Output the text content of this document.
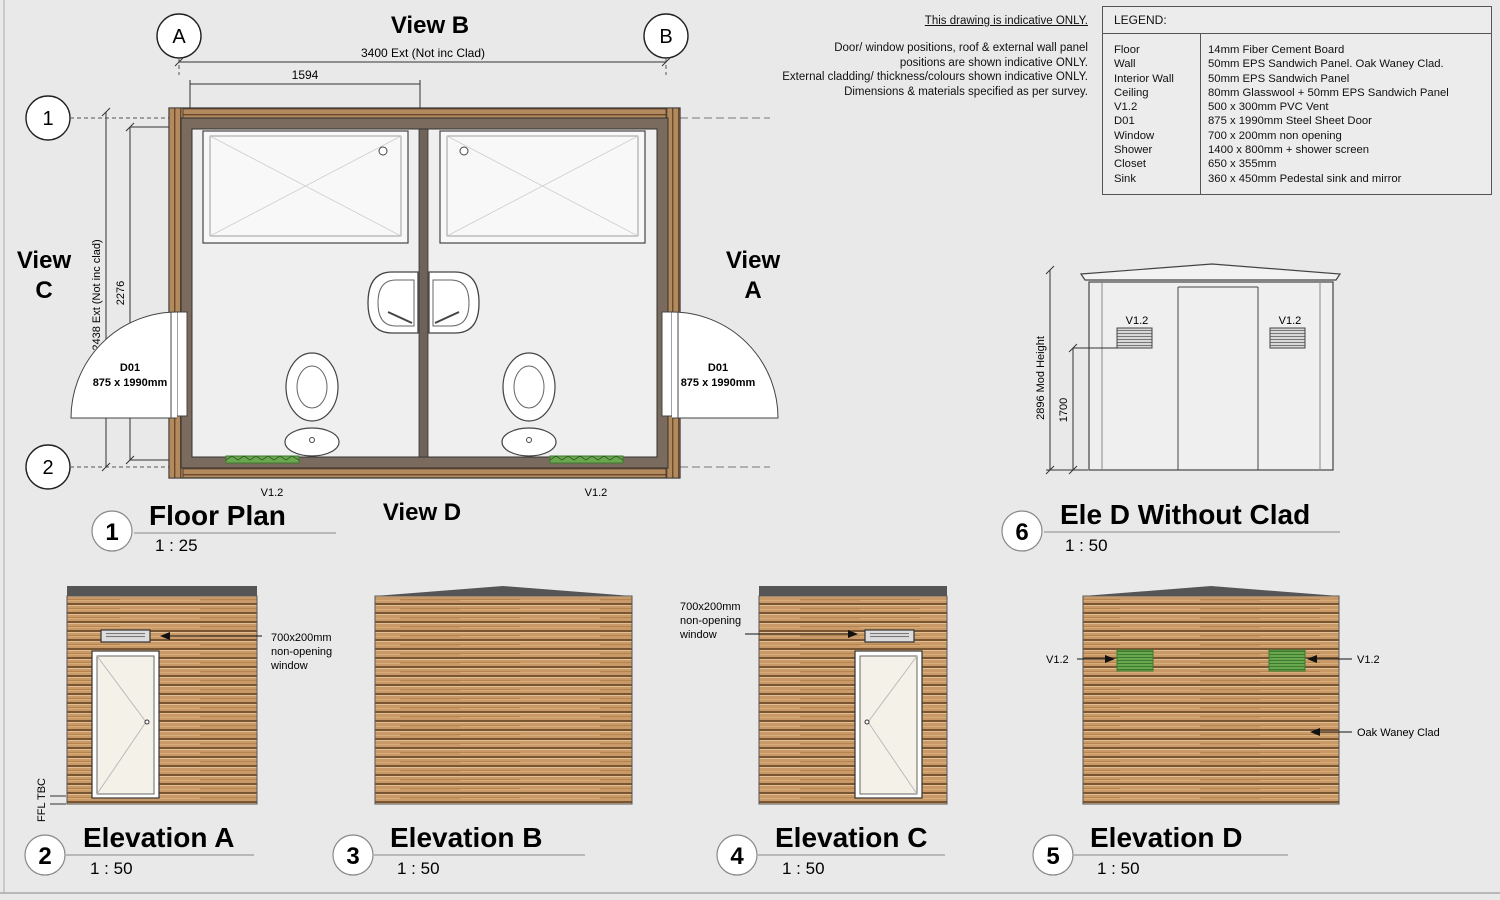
This drawing is indicative ONLY.
Door/ window positions, roof & external wall panel
positions are shown indicative ONLY.
External cladding/ thickness/colours shown indicative ONLY.
Dimensions & materials specified as per survey.
LEGEND:
Floor	14mm Fiber Cement Board
Wall	50mm EPS Sandwich Panel. Oak Waney Clad.
Interior Wall	50mm EPS Sandwich Panel
Ceiling	80mm Glasswool + 50mm EPS Sandwich Panel
V1.2	500 x 300mm PVC Vent
D01	875 x 1990mm Steel Sheet Door
Window	700 x 200mm non opening
Shower	1400 x 800mm + shower screen
Closet	650 x 355mm
Sink	360 x 450mm Pedestal sink and mirror
A	B
1
2
View B
View
C
View
A
View D
3400 Ext (Not inc Clad)
1594
2438 Ext (Not inc clad) 2276
D01
875 x 1990mm
D01
875 x 1990mm
V1.2	V1.2
1
Floor Plan
1 : 25
V1.2	V1.2
2896 Mod Height 1700
6
Ele D Without Clad
1 : 50
700x200mm
non-opening
window
FFL TBC
2
Elevation A
1 : 50	3
Elevation B
1 : 50
700x200mm
non-opening
window
4
Elevation C
1 : 50
V1.2	V1.2
Oak Waney Clad
5
Elevation D
1 : 50
